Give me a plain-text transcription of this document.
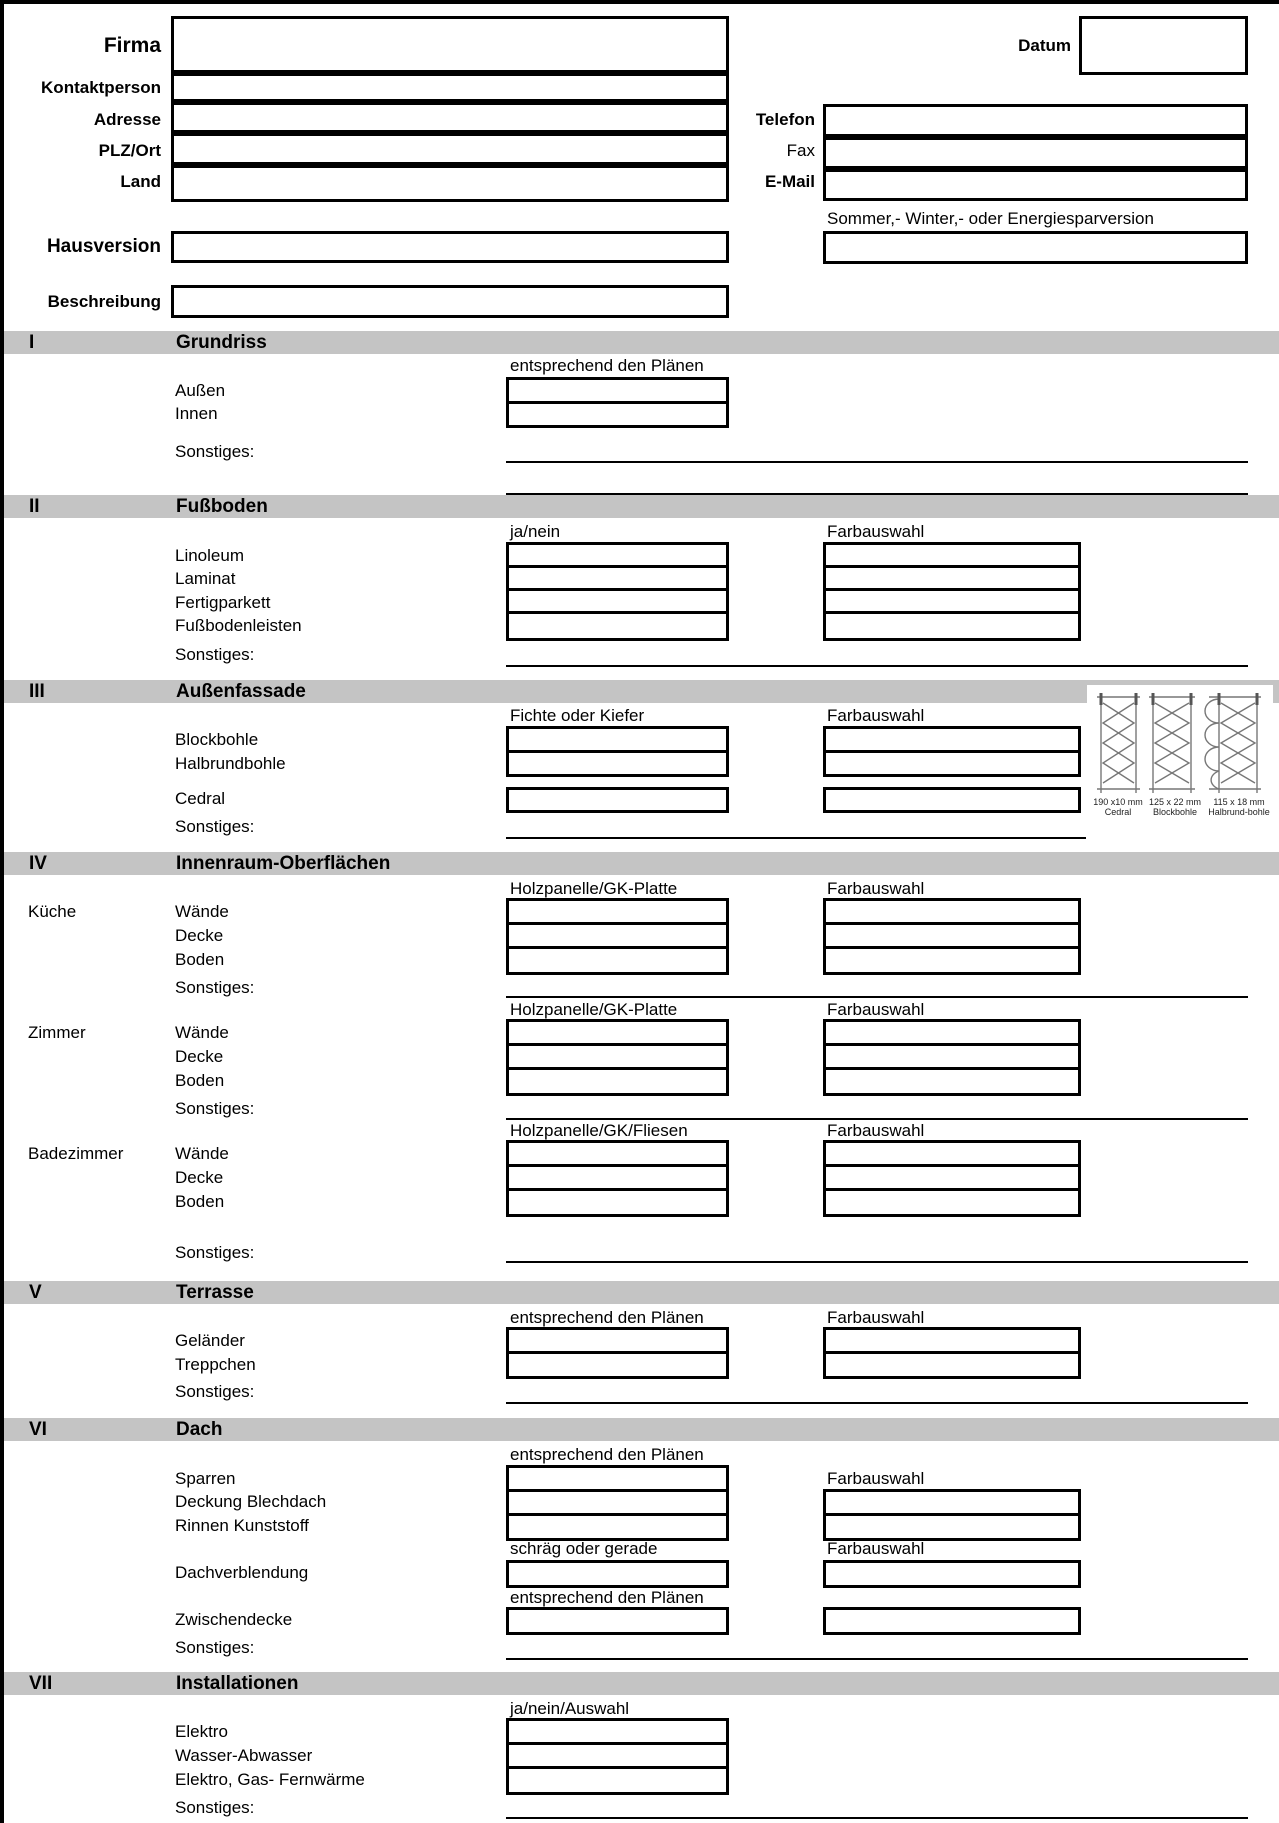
Firma	Datum
Kontaktperson
Adresse	Telefon
PLZ/Ort	Fax
Land	E-Mail
Sommer,- Winter,- oder Energiesparversion
Hausversion
Beschreibung
I	Grundriss
entsprechend den Plänen
Außen
Innen
Sonstiges:
II	Fußboden
ja/nein	Farbauswahl
Linoleum
Laminat
Fertigparkett
Fußbodenleisten
Sonstiges:
III	Außenfassade
Fichte oder Kiefer	Farbauswahl
Blockbohle
Halbrundbohle
Cedral
Sonstiges:
190 x10 mm Cedral
125 x 22 mm Blockbohle
115 x 18 mm Halbrund-bohle
IV	Innenraum-Oberflächen
Holzpanelle/GK-Platte	Farbauswahl
Küche	Wände
Decke
Boden
Sonstiges:
Holzpanelle/GK-Platte	Farbauswahl
Zimmer	Wände
Decke
Boden
Sonstiges:
Holzpanelle/GK/Fliesen	Farbauswahl
Badezimmer	Wände
Decke
Boden
Sonstiges:
V	Terrasse
entsprechend den Plänen	Farbauswahl
Geländer
Treppchen
Sonstiges:
VI	Dach
entsprechend den Plänen
Farbauswahl
Sparren
Deckung Blechdach
Rinnen Kunststoff
schräg oder gerade	Farbauswahl
Dachverblendung
entsprechend den Plänen
Zwischendecke
Sonstiges:
VII	Installationen
ja/nein/Auswahl
Elektro
Wasser-Abwasser
Elektro, Gas- Fernwärme
Sonstiges:
